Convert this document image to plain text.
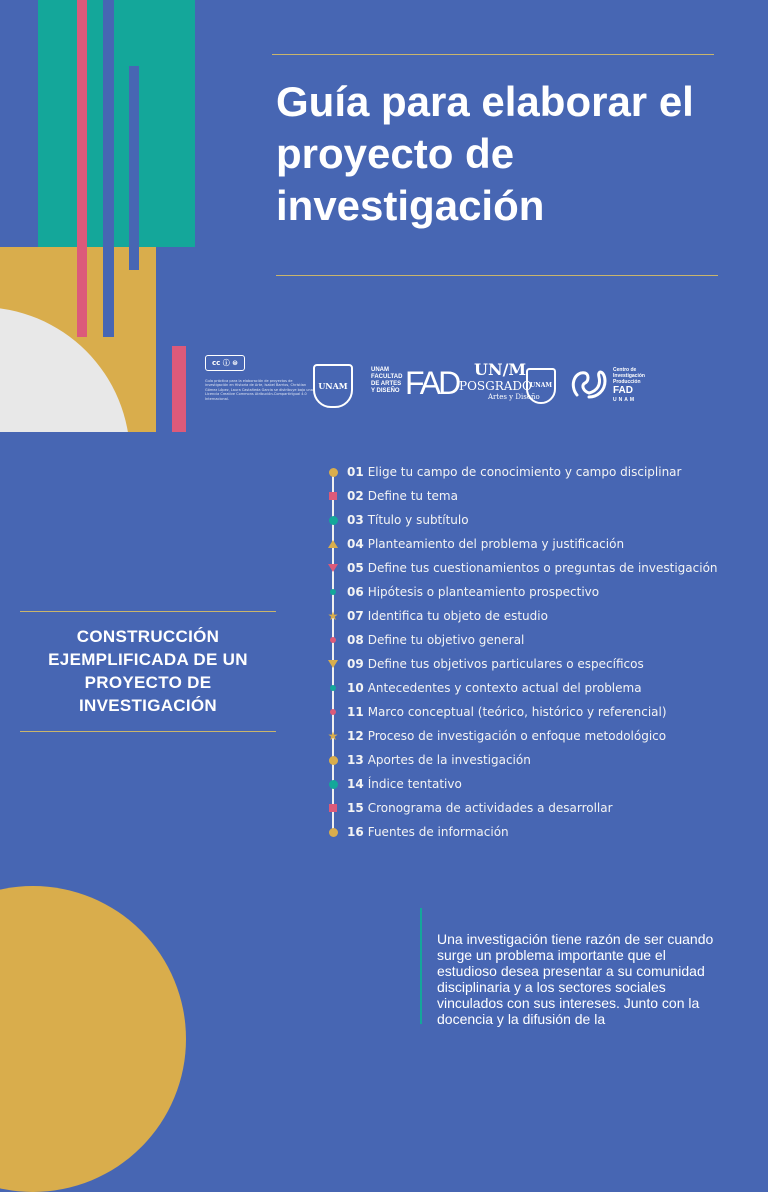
Guía para elaborar el proyecto de investigación
cc ⓘ ⊜

Guía práctica para la elaboración de proyectos de investigación en Historia de Arte, Isabel Barrios, Christian Gómez López, Laura Castañeda Garcia se distribuye bajo una Licencia Creative Commons Atribución-CompartirIgual 4.0 Internacional.

UNAM
UNAM
FACULTAD
DE ARTES
Y DISEÑO FAD UN/M
POSGRADO
Artes y Diseño
UNAM
Centro de
Investigación
Producción
FAD
UNAM
CONSTRUCCIÓN EJEMPLIFICADA DE UN PROYECTO DE INVESTIGACIÓN
01 Elige tu campo de conocimiento y campo disciplinar
02 Define tu tema
03 Título y subtítulo
04 Planteamiento del problema y justificación
05 Define tus cuestionamientos o preguntas de investigación
06 Hipótesis o planteamiento prospectivo
★ 07 Identifica tu objeto de estudio
08 Define tu objetivo general
09 Define tus objetivos particulares o específicos
10 Antecedentes y contexto actual del problema
11 Marco conceptual (teórico, histórico y referencial)
★ 12 Proceso de investigación o enfoque metodológico
13 Aportes de la investigación
14 Índice tentativo
15 Cronograma de actividades a desarrollar
16 Fuentes de información

Una investigación tiene razón de ser cuando surge un problema importante que el estudioso desea presentar a su comunidad disciplinaria y a los sectores sociales vinculados con sus intereses. Junto con la docencia y la difusión de la
